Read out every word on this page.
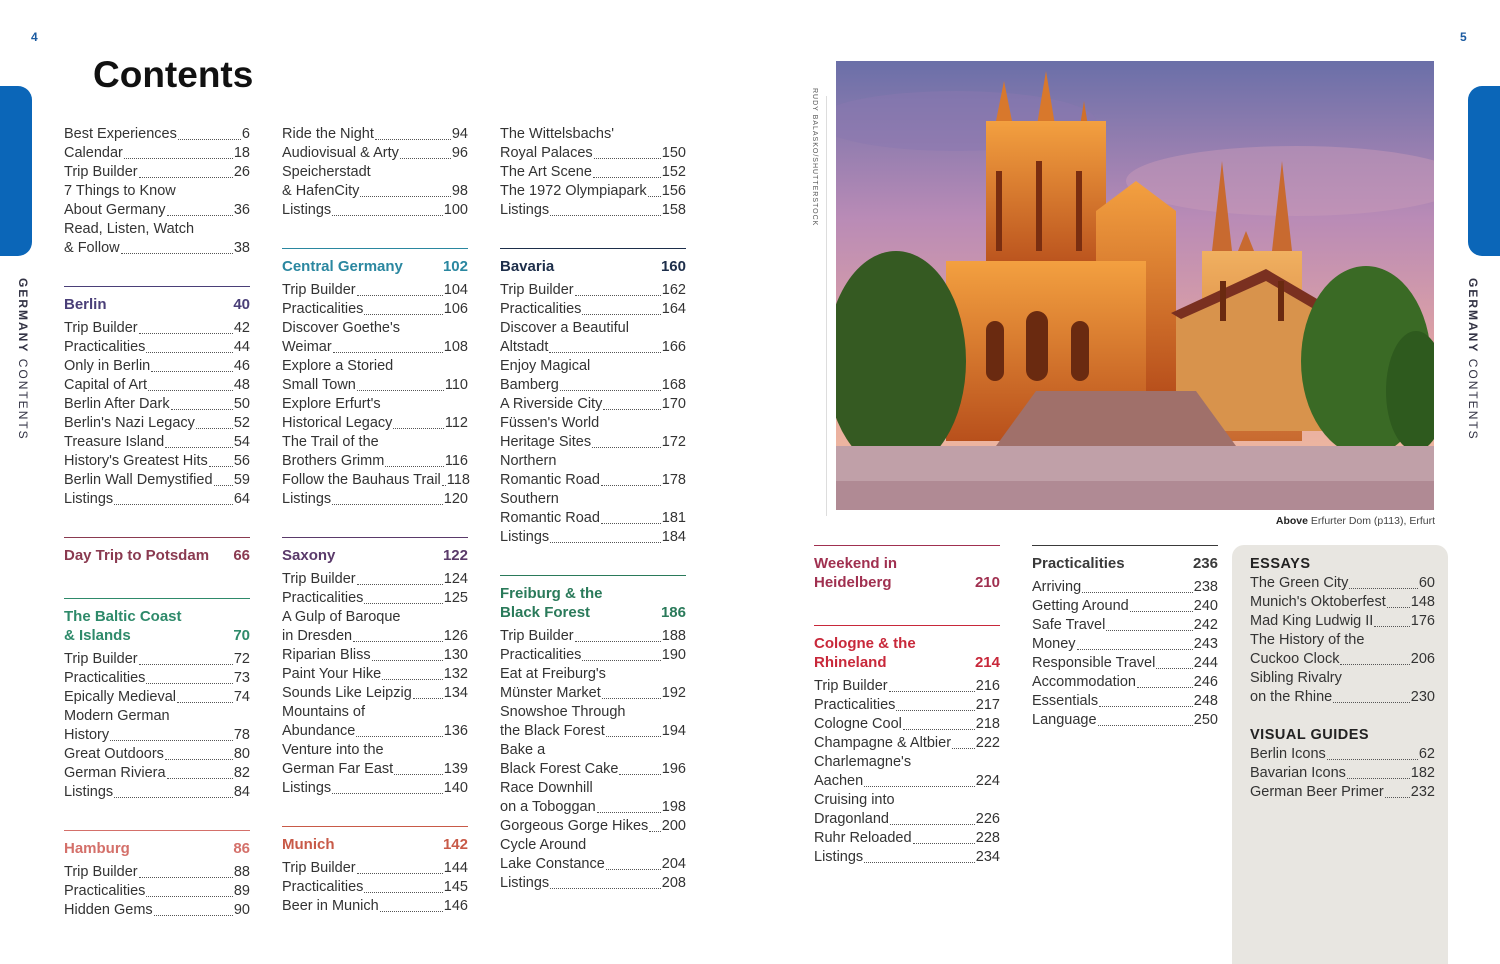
4	5
GERMANY CONTENTS
GERMANY CONTENTS
Contents
Best Experiences	6
Calendar	18
Trip Builder	26
7 Things to Know
About Germany	36
Read, Listen, Watch
& Follow	38
Berlin	40
Trip Builder	42
Practicalities	44
Only in Berlin	46
Capital of Art	48
Berlin After Dark	50
Berlin's Nazi Legacy	52
Treasure Island	54
History's Greatest Hits 56
Berlin Wall Demystified 59
Listings	64
Day Trip to Potsdam 66
The Baltic Coast
& Islands	70
Trip Builder	72
Practicalities	73
Epically Medieval	74
Modern German
History	78
Great Outdoors	80
German Riviera	82
Listings	84
Hamburg	86
Trip Builder	88
Practicalities	89
Hidden Gems	90
Ride the Night	94
Audiovisual & Arty	96
Speicherstadt
& HafenCity	98
Listings	100
Central Germany	102
Trip Builder	104
Practicalities	106
Discover Goethe's
Weimar	108
Explore a Storied
Small Town	110
Explore Erfurt's
Historical Legacy	112
The Trail of the
Brothers Grimm	116
Follow the Bauhaus Trail 118
Listings	120
Saxony	122
Trip Builder	124
Practicalities	125
A Gulp of Baroque
in Dresden	126
Riparian Bliss	130
Paint Your Hike	132
Sounds Like Leipzig 134
Mountains of
Abundance	136
Venture into the
German Far East	139
Listings	140
Munich	142
Trip Builder	144
Practicalities	145
Beer in Munich	146
The Wittelsbachs'
Royal Palaces	150
The Art Scene	152
The 1972 Olympiapark 156
Listings	158
Bavaria	160
Trip Builder	162
Practicalities	164
Discover a Beautiful
Altstadt	166
Enjoy Magical
Bamberg	168
A Riverside City	170
Füssen's World
Heritage Sites	172
Northern
Romantic Road	178
Southern
Romantic Road	181
Listings	184
Freiburg & the
Black Forest	186
Trip Builder	188
Practicalities	190
Eat at Freiburg's
Münster Market	192
Snowshoe Through
the Black Forest	194
Bake a
Black Forest Cake	196
Race Downhill
on a Toboggan	198
Gorgeous Gorge Hikes 200
Cycle Around
Lake Constance	204
Listings	208
Weekend in
Heidelberg	210
Cologne & the
Rhineland	214
Trip Builder	216
Practicalities	217
Cologne Cool	218
Champagne & Altbier 222
Charlemagne's
Aachen	224
Cruising into
Dragonland	226
Ruhr Reloaded	228
Listings	234
Practicalities	236
Arriving	238
Getting Around	240
Safe Travel	242
Money	243
Responsible Travel	244
Accommodation	246
Essentials	248
Language	250
RUDY BALASKO/SHUTTERSTOCK
Above Erfurter Dom (p113), Erfurt
ESSAYS
The Green City	60
Munich's Oktoberfest 148
Mad King Ludwig II	176
The History of the
Cuckoo Clock	206
Sibling Rivalry
on the Rhine	230
VISUAL GUIDES
Berlin Icons	62
Bavarian Icons	182
German Beer Primer 232
